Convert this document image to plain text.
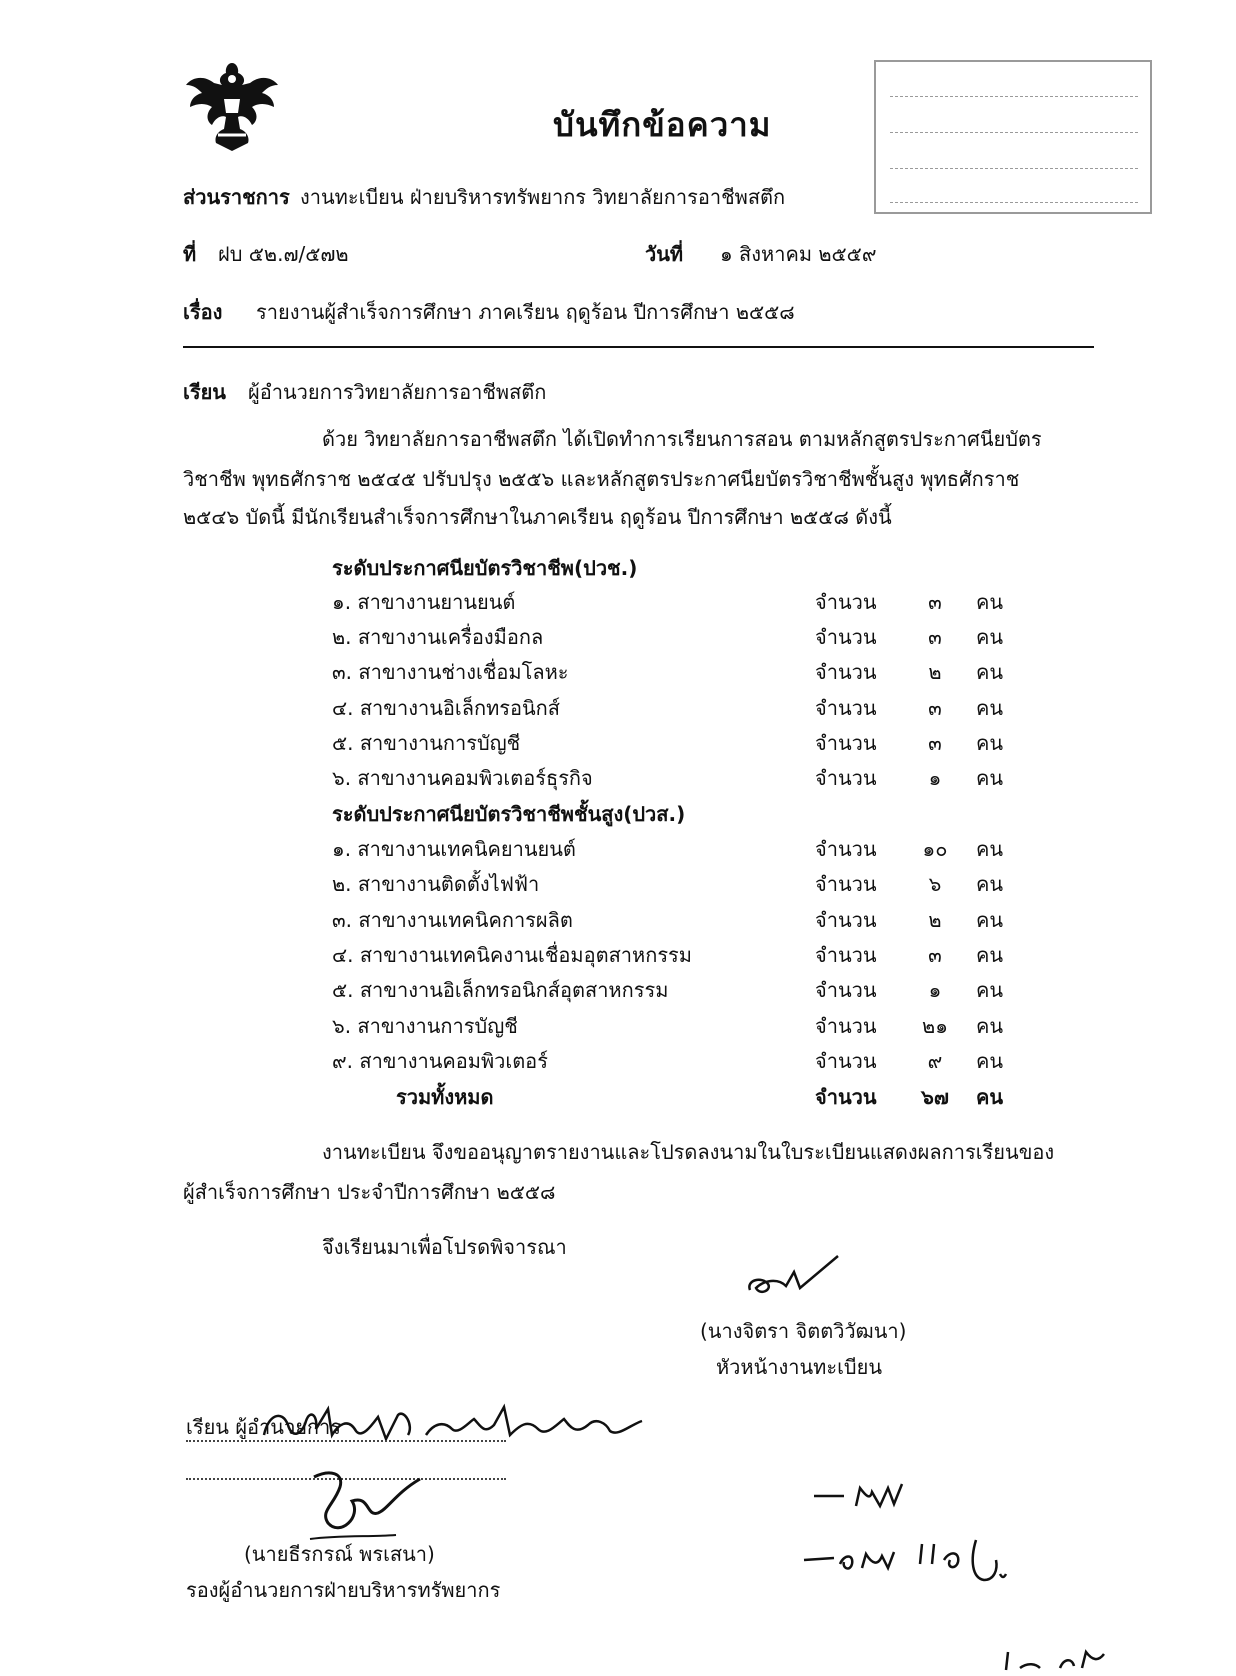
บันทึกข้อความ
ส่วนราชการ งานทะเบียน ฝ่ายบริหารทรัพยากร วิทยาลัยการอาชีพสตึก
ที่ ฝบ ๕๒.๗/๕๗๒	วันที่ ๑ สิงหาคม ๒๕๕๙
เรื่อง รายงานผู้สำเร็จการศึกษา ภาคเรียน ฤดูร้อน ปีการศึกษา ๒๕๕๘
เรียน ผู้อำนวยการวิทยาลัยการอาชีพสตึก
ด้วย วิทยาลัยการอาชีพสตึก ได้เปิดทำการเรียนการสอน ตามหลักสูตรประกาศนียบัตร
วิชาชีพ พุทธศักราช ๒๕๔๕ ปรับปรุง ๒๕๕๖ และหลักสูตรประกาศนียบัตรวิชาชีพชั้นสูง พุทธศักราช
๒๕๔๖ บัดนี้ มีนักเรียนสำเร็จการศึกษาในภาคเรียน ฤดูร้อน ปีการศึกษา ๒๕๕๘ ดังนี้
ระดับประกาศนียบัตรวิชาชีพ(ปวช.)
๑. สาขางานยานยนต์	จำนวน	๓	คน
๒. สาขางานเครื่องมือกล	จำนวน	๓	คน
๓. สาขางานช่างเชื่อมโลหะ	จำนวน	๒	คน
๔. สาขางานอิเล็กทรอนิกส์	จำนวน	๓	คน
๕. สาขางานการบัญชี	จำนวน	๓	คน
๖. สาขางานคอมพิวเตอร์ธุรกิจ	จำนวน	๑	คน
ระดับประกาศนียบัตรวิชาชีพชั้นสูง(ปวส.)
๑. สาขางานเทคนิคยานยนต์	จำนวน	๑๐	คน
๒. สาขางานติดตั้งไฟฟ้า	จำนวน	๖	คน
๓. สาขางานเทคนิคการผลิต	จำนวน	๒	คน
๔. สาขางานเทคนิคงานเชื่อมอุตสาหกรรม	จำนวน	๓	คน
๕. สาขางานอิเล็กทรอนิกส์อุตสาหกรรม	จำนวน	๑	คน
๖. สาขางานการบัญชี	จำนวน	๒๑	คน
๙. สาขางานคอมพิวเตอร์	จำนวน	๙	คน
รวมทั้งหมด	จำนวน	๖๗	คน
งานทะเบียน จึงขออนุญาตรายงานและโปรดลงนามในใบระเบียนแสดงผลการเรียนของ
ผู้สำเร็จการศึกษา ประจำปีการศึกษา ๒๕๕๘
จึงเรียนมาเพื่อโปรดพิจารณา
(นางจิตรา จิตตวิวัฒนา)
หัวหน้างานทะเบียน
เรียน ผู้อำนวยการ
(นายธีรกรณ์ พรเสนา)
รองผู้อำนวยการฝ่ายบริหารทรัพยากร
